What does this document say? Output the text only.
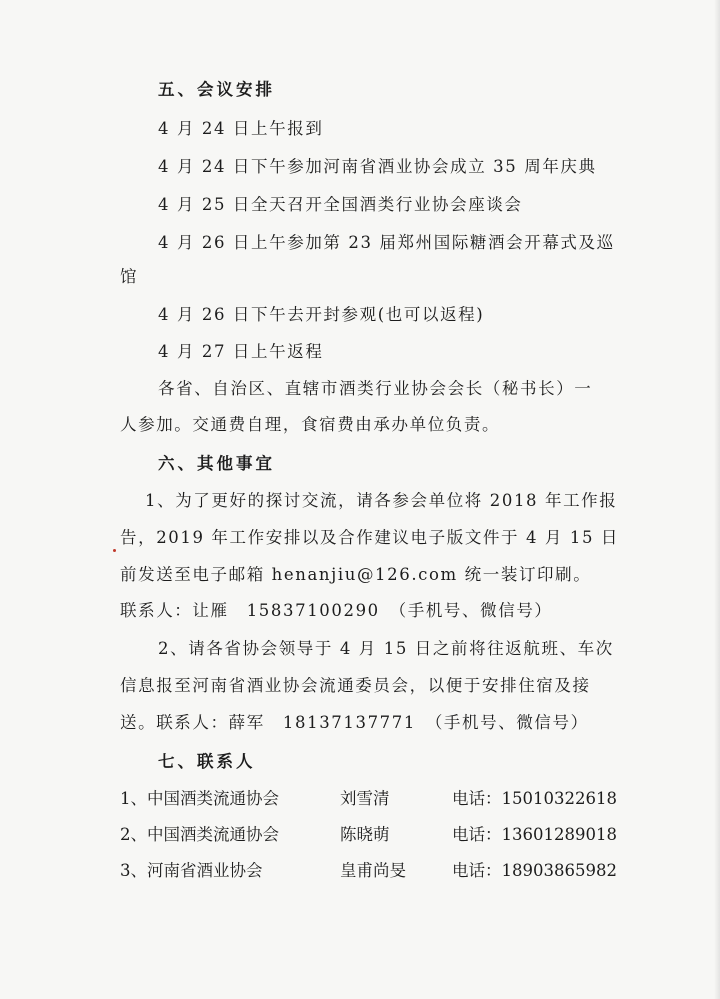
五、会议安排
4 月 24 日上午报到
4 月 24 日下午参加河南省酒业协会成立 35 周年庆典
4 月 25 日全天召开全国酒类行业协会座谈会
4 月 26 日上午参加第 23 届郑州国际糖酒会开幕式及巡
馆
4 月 26 日下午去开封参观(也可以返程)
4 月 27 日上午返程
各省、自治区、直辖市酒类行业协会会长（秘书长）一
人参加。交通费自理，食宿费由承办单位负责。
六、其他事宜
1、为了更好的探讨交流，请各参会单位将 2018 年工作报
告，2019 年工作安排以及合作建议电子版文件于 4 月 15 日
前发送至电子邮箱 henanjiu@126.com 统一装订印刷。
联系人：让雁　15837100290　（手机号、微信号）
2、请各省协会领导于 4 月 15 日之前将往返航班、车次
信息报至河南省酒业协会流通委员会，以便于安排住宿及接
送。联系人：薛军　18137137771　（手机号、微信号）
七、联系人
1、中国酒类流通协会	刘雪清	电话：15010322618
2、中国酒类流通协会	陈晓萌	电话：13601289018
3、河南省酒业协会	皇甫尚旻	电话：18903865982
